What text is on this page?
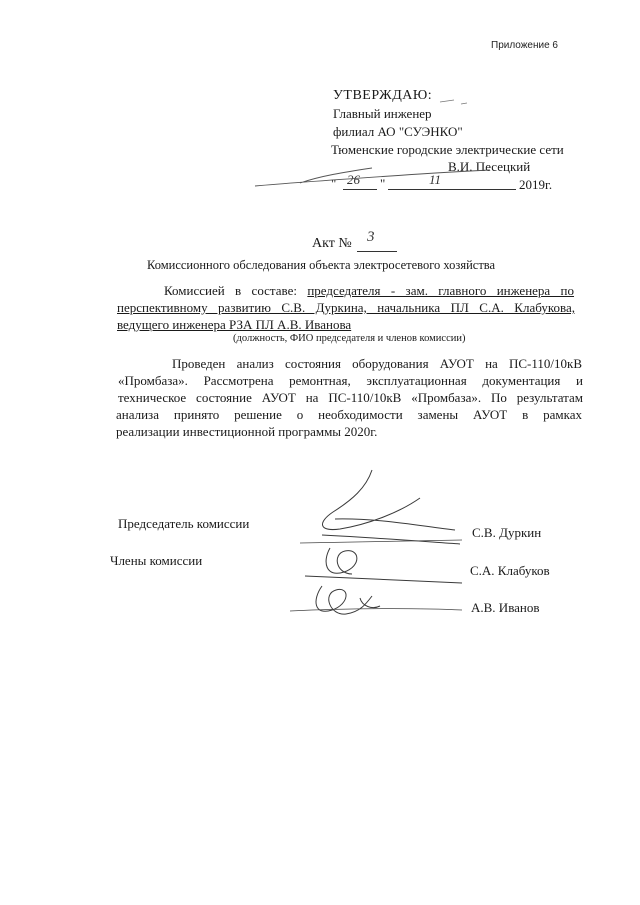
Приложение 6
УТВЕРЖДАЮ:
Главный инженер
филиал АО "СУЭНКО"
Тюменские городские электрические сети
В.И. Песецкий
" 26 "	11	2019г.
Акт № 3
Комиссионного обследования объекта электросетевого хозяйства
Комиссией в составе: председателя - зам. главного инженера по
перспективному развитию С.В. Дуркина, начальника ПЛ С.А. Клабукова,
ведущего инженера РЗА ПЛ А.В. Иванова
(должность, ФИО председателя и членов комиссии)
Проведен анализ состояния оборудования АУОТ на ПС-110/10кВ
«Промбаза». Рассмотрена ремонтная, эксплуатационная документация и
техническое состояние АУОТ на ПС-110/10кВ «Промбаза». По результатам
анализа принято решение о необходимости замены АУОТ в рамках
реализации инвестиционной программы 2020г.
Председатель комиссии
Члены комиссии
С.В. Дуркин
С.А. Клабуков
А.В. Иванов
